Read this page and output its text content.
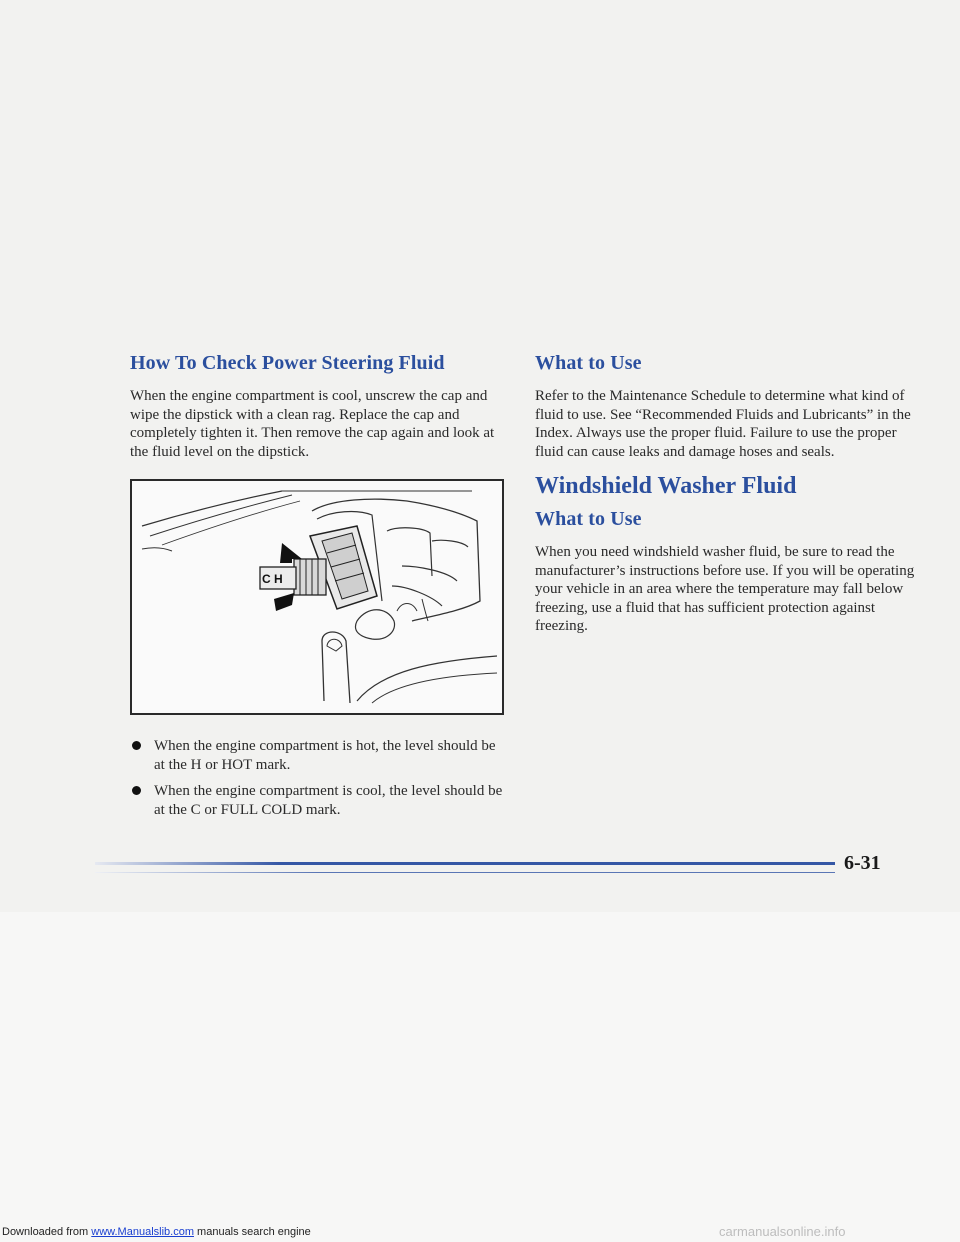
How To Check Power Steering Fluid

When the engine compartment is cool, unscrew the cap and wipe the dipstick with a clean rag. Replace the cap and completely tighten it. Then remove the cap again and look at the fluid level on the dipstick.

H
C

When the engine compartment is hot, the level should be at the H or HOT mark.

When the engine compartment is cool, the level should be at the C or FULL COLD mark.

What to Use

Refer to the Maintenance Schedule to determine what kind of fluid to use. See “Recommended Fluids and Lubricants” in the Index. Always use the proper fluid. Failure to use the proper fluid can cause leaks and damage hoses and seals.

Windshield Washer Fluid
What to Use

When you need windshield washer fluid, be sure to read the manufacturer’s instructions before use. If you will be operating your vehicle in an area where the temperature may fall below freezing, use a fluid that has sufficient protection against freezing.

6-31
Downloaded from www.Manualslib.com manuals search engine	carmanualsonline.info
